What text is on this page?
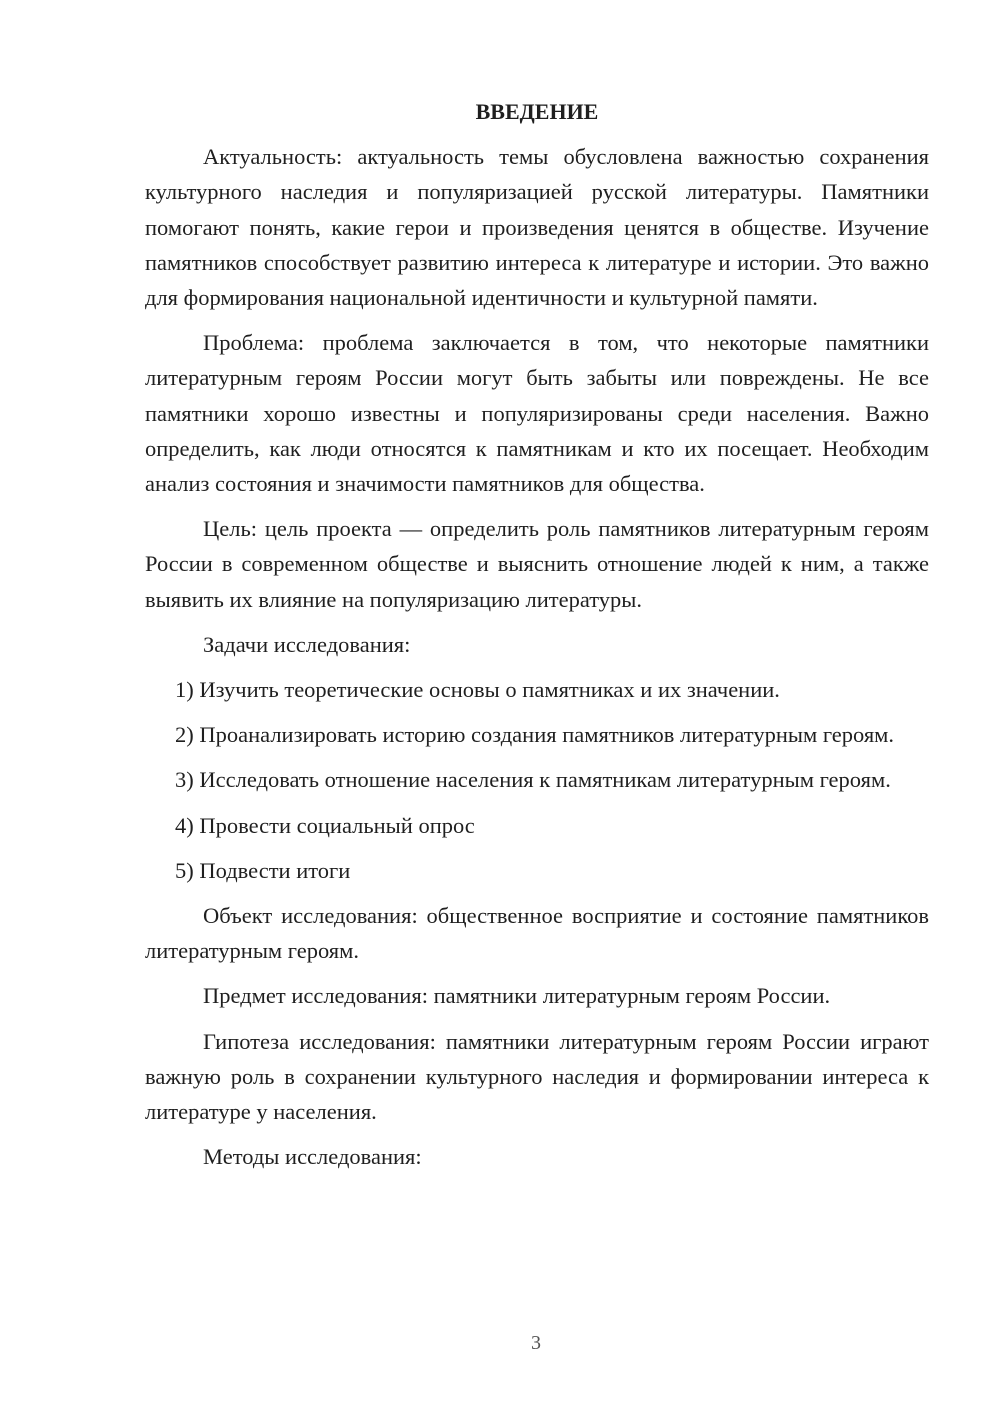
ВВЕДЕНИЕ

Актуальность: актуальность темы обусловлена важностью сохранения культурного наследия и популяризацией русской литературы. Памятники помогают понять, какие герои и произведения ценятся в обществе. Изучение памятников способствует развитию интереса к литературе и истории. Это важно для формирования национальной идентичности и культурной памяти.

Проблема: проблема заключается в том, что некоторые памятники литературным героям России могут быть забыты или повреждены. Не все памятники хорошо известны и популяризированы среди населения. Важно определить, как люди относятся к памятникам и кто их посещает. Необходим анализ состояния и значимости памятников для общества.

Цель: цель проекта — определить роль памятников литературным героям России в современном обществе и выяснить отношение людей к ним, а также выявить их влияние на популяризацию литературы.

Задачи исследования:

1) Изучить теоретические основы о памятниках и их значении.

2) Проанализировать историю создания памятников литературным героям.

3) Исследовать отношение населения к памятникам литературным героям.

4) Провести социальный опрос

5) Подвести итоги

Объект исследования: общественное восприятие и состояние памятников литературным героям.

Предмет исследования: памятники литературным героям России.

Гипотеза исследования: памятники литературным героям России играют важную роль в сохранении культурного наследия и формировании интереса к литературе у населения.

Методы исследования:

3
